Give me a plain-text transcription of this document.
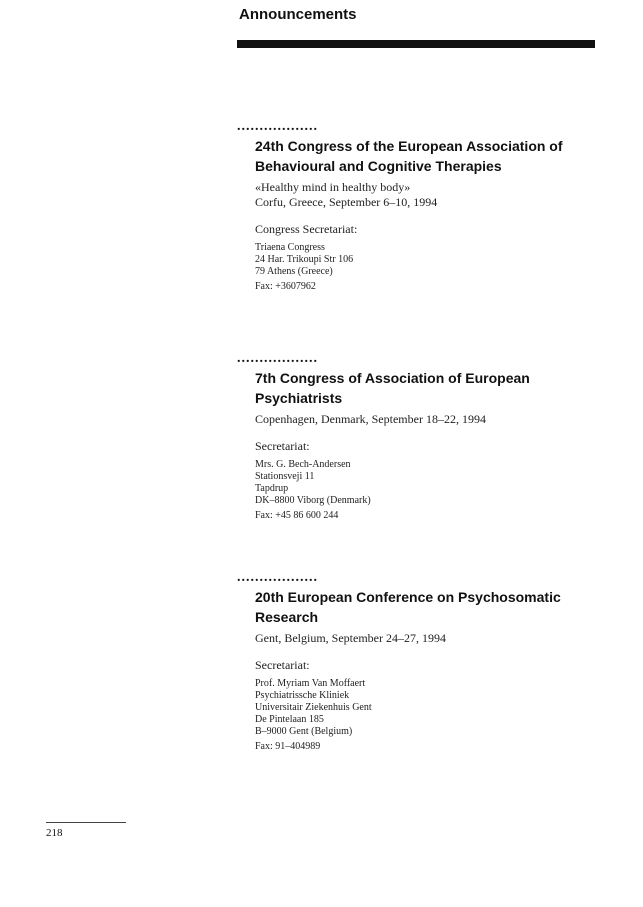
Announcements
..................
24th Congress of the European Association of
Behavioural and Cognitive Therapies
«Healthy mind in healthy body»
Corfu, Greece, September 6–10, 1994
Congress Secretariat:
Triaena Congress
24 Har. Trikoupi Str 106
79 Athens (Greece)
Fax: +3607962
..................
7th Congress of Association of European Psychiatrists
Copenhagen, Denmark, September 18–22, 1994
Secretariat:
Mrs. G. Bech-Andersen
Stationsveji 11
Tapdrup
DK–8800 Viborg (Denmark)
Fax: +45 86 600 244
..................
20th European Conference on Psychosomatic Research
Gent, Belgium, September 24–27, 1994
Secretariat:
Prof. Myriam Van Moffaert
Psychiatrissche Kliniek
Universitair Ziekenhuis Gent
De Pintelaan 185
B–9000 Gent (Belgium)
Fax: 91–404989
218
